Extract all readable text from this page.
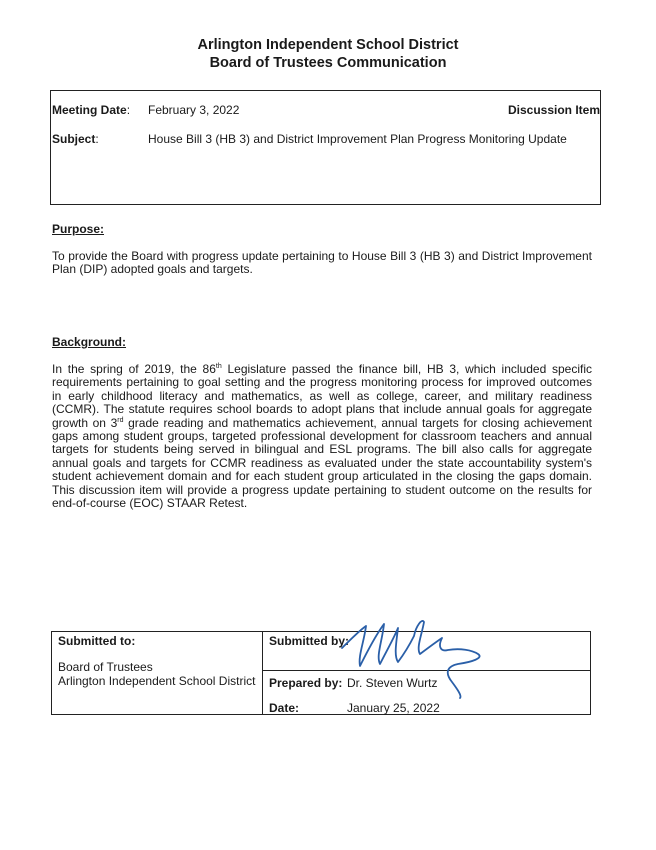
Arlington Independent School District
Board of Trustees Communication
Meeting Date: February 3, 2022	Discussion Item
Subject:	House Bill 3 (HB 3) and District Improvement Plan Progress Monitoring Update
Purpose:
To provide the Board with progress update pertaining to House Bill 3 (HB 3) and District Improvement Plan (DIP) adopted goals and targets.
Background:
In the spring of 2019, the 86th Legislature passed the finance bill, HB 3, which included specific requirements pertaining to goal setting and the progress monitoring process for improved outcomes in early childhood literacy and mathematics, as well as college, career, and military readiness (CCMR). The statute requires school boards to adopt plans that include annual goals for aggregate growth on 3rd grade reading and mathematics achievement, annual targets for closing achievement gaps among student groups, targeted professional development for classroom teachers and annual targets for students being served in bilingual and ESL programs. The bill also calls for aggregate annual goals and targets for CCMR readiness as evaluated under the state accountability system's student achievement domain and for each student group articulated in the closing the gaps domain. This discussion item will provide a progress update pertaining to student outcome on the results for end-of-course (EOC) STAAR Retest.
Submitted to:
Board of Trustees
Arlington Independent School District
Submitted by:
Prepared by: Dr. Steven Wurtz
Date:	January 25, 2022
